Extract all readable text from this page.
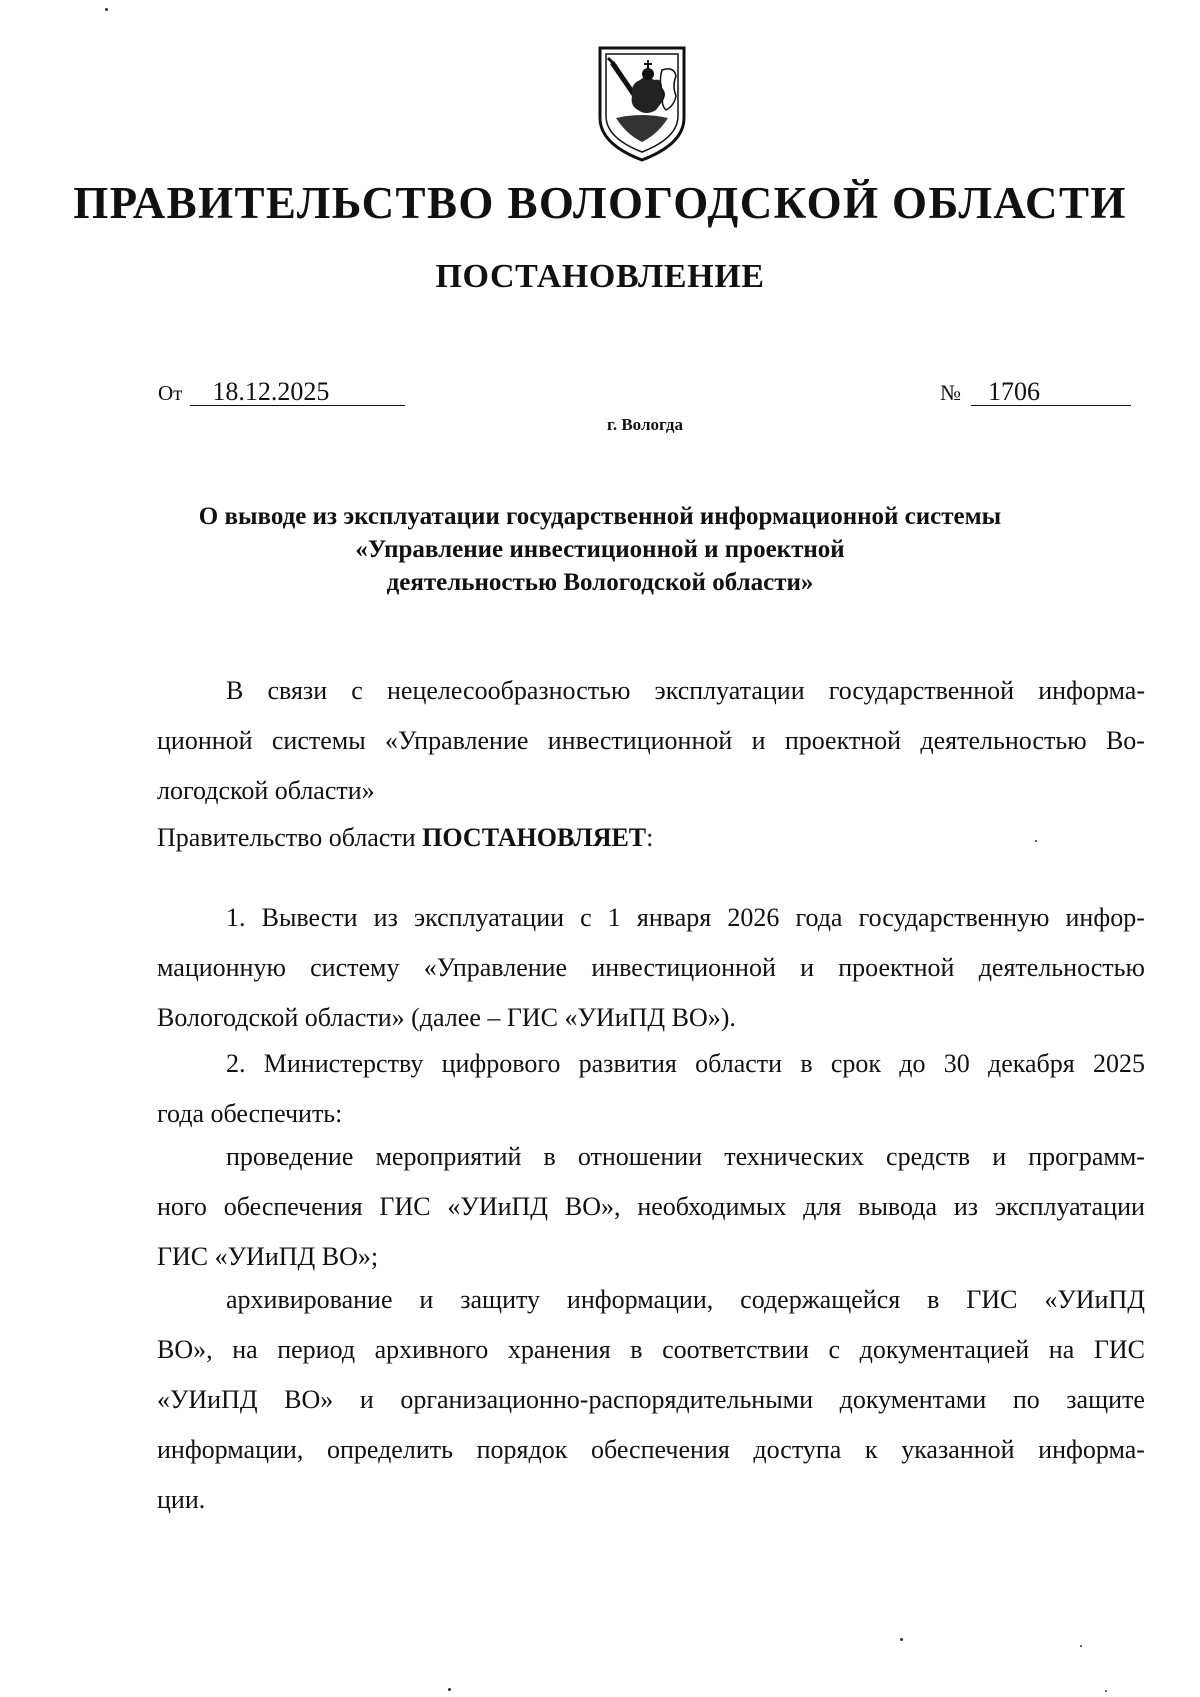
ПРАВИТЕЛЬСТВО ВОЛОГОДСКОЙ ОБЛАСТИ
ПОСТАНОВЛЕНИЕ
От 18.12.2025	№ 1706
г. Вологда
О выводе из эксплуатации государственной информационной системы
«Управление инвестиционной и проектной
деятельностью Вологодской области»
В связи с нецелесообразностью эксплуатации государственной информа-
ционной системы «Управление инвестиционной и проектной деятельностью Во-
логодской области»
Правительство области ПОСТАНОВЛЯЕТ:
1. Вывести из эксплуатации с 1 января 2026 года государственную инфор-
мационную систему «Управление инвестиционной и проектной деятельностью
Вологодской области» (далее – ГИС «УИиПД ВО»).
2. Министерству цифрового развития области в срок до 30 декабря 2025
года обеспечить:
проведение мероприятий в отношении технических средств и программ-
ного обеспечения ГИС «УИиПД ВО», необходимых для вывода из эксплуатации
ГИС «УИиПД ВО»;
архивирование и защиту информации, содержащейся в ГИС «УИиПД
ВО», на период архивного хранения в соответствии с документацией на ГИС
«УИиПД ВО» и организационно-распорядительными документами по защите
информации, определить порядок обеспечения доступа к указанной информа-
ции.
